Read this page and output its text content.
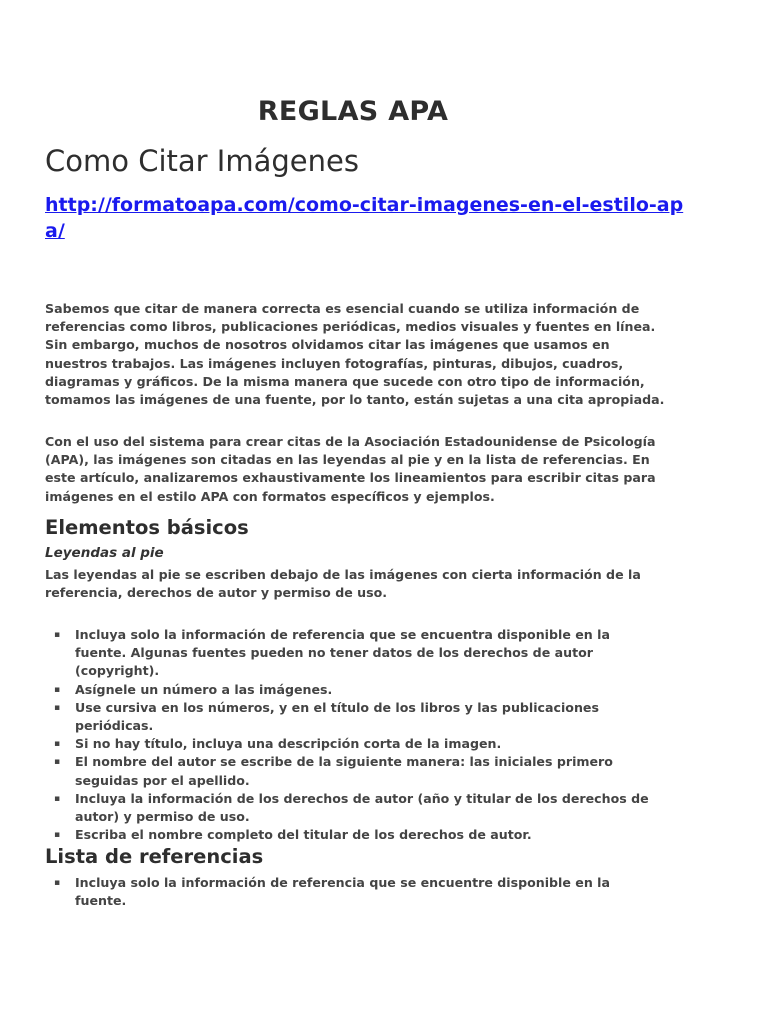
REGLAS APA
Como Citar Imágenes
http://formatoapa.com/como-citar-imagenes-en-el-estilo-apa/

Sabemos que citar de manera correcta es esencial cuando se utiliza información de referencias como libros, publicaciones periódicas, medios visuales y fuentes en línea. Sin embargo, muchos de nosotros olvidamos citar las imágenes que usamos en nuestros trabajos. Las imágenes incluyen fotografías, pinturas, dibujos, cuadros, diagramas y gráficos. De la misma manera que sucede con otro tipo de información, tomamos las imágenes de una fuente, por lo tanto, están sujetas a una cita apropiada.

Con el uso del sistema para crear citas de la Asociación Estadounidense de Psicología (APA), las imágenes son citadas en las leyendas al pie y en la lista de referencias. En este artículo, analizaremos exhaustivamente los lineamientos para escribir citas para imágenes en el estilo APA con formatos específicos y ejemplos.

Elementos básicos
Leyendas al pie

Las leyendas al pie se escriben debajo de las imágenes con cierta información de la referencia, derechos de autor y permiso de uso.

▪ Incluya solo la información de referencia que se encuentra disponible en la fuente. Algunas fuentes pueden no tener datos de los derechos de autor (copyright).
▪ Asígnele un número a las imágenes.
▪ Use cursiva en los números, y en el título de los libros y las publicaciones periódicas.
▪ Si no hay título, incluya una descripción corta de la imagen.
▪ El nombre del autor se escribe de la siguiente manera: las iniciales primero seguidas por el apellido.
▪ Incluya la información de los derechos de autor (año y titular de los derechos de autor) y permiso de uso.
▪ Escriba el nombre completo del titular de los derechos de autor.
Lista de referencias
▪ Incluya solo la información de referencia que se encuentre disponible en la fuente.
